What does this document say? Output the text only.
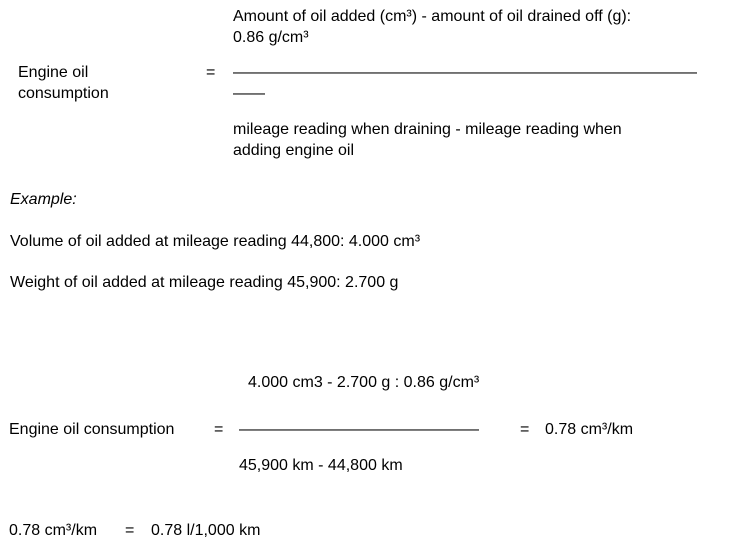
Amount of oil added (cm³) - amount of oil drained off (g):
0.86 g/cm³
Engine oil
consumption
= —————————————————————————————
——
mileage reading when draining - mileage reading when
adding engine oil
Example:
Volume of oil added at mileage reading 44,800: 4.000 cm³
Weight of oil added at mileage reading 45,900: 2.700 g
4.000 cm3 - 2.700 g : 0.86 g/cm³
Engine oil consumption = ———————————————	= 0.78 cm³/km
45,900 km - 44,800 km
0.78 cm³/km = 0.78 l/1,000 km
